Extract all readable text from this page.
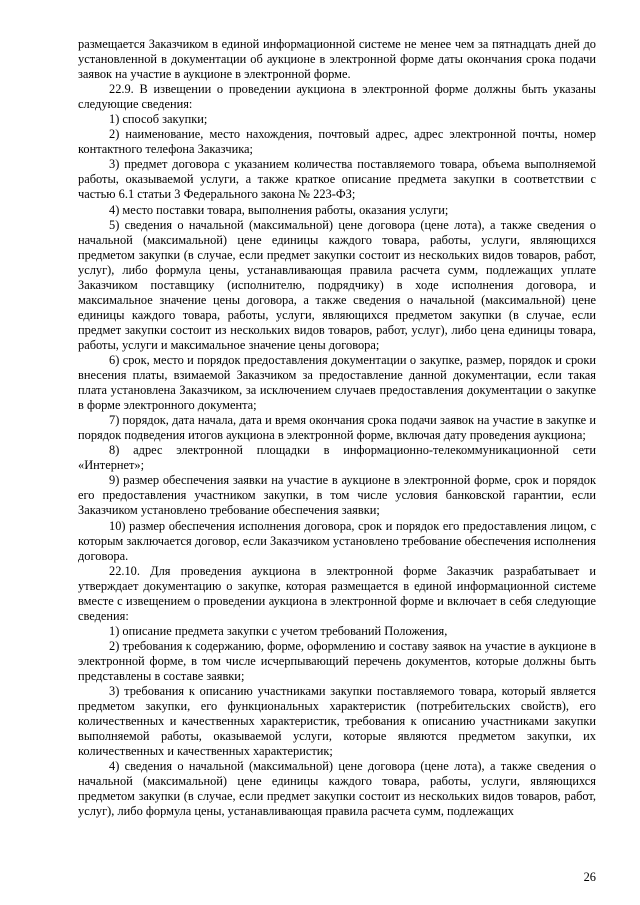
размещается Заказчиком в единой информационной системе не менее чем за пятнадцать дней до установленной в документации об аукционе в электронной форме даты окончания срока подачи заявок на участие в аукционе в электронной форме.

22.9. В извещении о проведении аукциона в электронной форме должны быть указаны следующие сведения:

1) способ закупки;

2) наименование, место нахождения, почтовый адрес, адрес электронной почты, номер контактного телефона Заказчика;

3) предмет договора с указанием количества поставляемого товара, объема выполняемой работы, оказываемой услуги, а также краткое описание предмета закупки в соответствии с частью 6.1 статьи 3 Федерального закона № 223-ФЗ;

4) место поставки товара, выполнения работы, оказания услуги;

5) сведения о начальной (максимальной) цене договора (цене лота), а также сведения о начальной (максимальной) цене единицы каждого товара, работы, услуги, являющихся предметом закупки (в случае, если предмет закупки состоит из нескольких видов товаров, работ, услуг), либо формула цены, устанавливающая правила расчета сумм, подлежащих уплате Заказчиком поставщику (исполнителю, подрядчику) в ходе исполнения договора, и максимальное значение цены договора, а также сведения о начальной (максимальной) цене единицы каждого товара, работы, услуги, являющихся предметом закупки (в случае, если предмет закупки состоит из нескольких видов товаров, работ, услуг), либо цена единицы товара, работы, услуги и максимальное значение цены договора;

6) срок, место и порядок предоставления документации о закупке, размер, порядок и сроки внесения платы, взимаемой Заказчиком за предоставление данной документации, если такая плата установлена Заказчиком, за исключением случаев предоставления документации о закупке в форме электронного документа;

7) порядок, дата начала, дата и время окончания срока подачи заявок на участие в закупке и порядок подведения итогов аукциона в электронной форме, включая дату проведения аукциона;

8) адрес электронной площадки в информационно-телекоммуникационной сети «Интернет»;

9) размер обеспечения заявки на участие в аукционе в электронной форме, срок и порядок его предоставления участником закупки, в том числе условия банковской гарантии, если Заказчиком установлено требование обеспечения заявки;

10) размер обеспечения исполнения договора, срок и порядок его предоставления лицом, с которым заключается договор, если Заказчиком установлено требование обеспечения исполнения договора.

22.10. Для проведения аукциона в электронной форме Заказчик разрабатывает и утверждает документацию о закупке, которая размещается в единой информационной системе вместе с извещением о проведении аукциона в электронной форме и включает в себя следующие сведения:

1) описание предмета закупки с учетом требований Положения,

2) требования к содержанию, форме, оформлению и составу заявок на участие в аукционе в электронной форме, в том числе исчерпывающий перечень документов, которые должны быть представлены в составе заявки;

3) требования к описанию участниками закупки поставляемого товара, который является предметом закупки, его функциональных характеристик (потребительских свойств), его количественных и качественных характеристик, требования к описанию участниками закупки выполняемой работы, оказываемой услуги, которые являются предметом закупки, их количественных и качественных характеристик;

4) сведения о начальной (максимальной) цене договора (цене лота), а также сведения о начальной (максимальной) цене единицы каждого товара, работы, услуги, являющихся предметом закупки (в случае, если предмет закупки состоит из нескольких видов товаров, работ, услуг), либо формула цены, устанавливающая правила расчета сумм, подлежащих

26
